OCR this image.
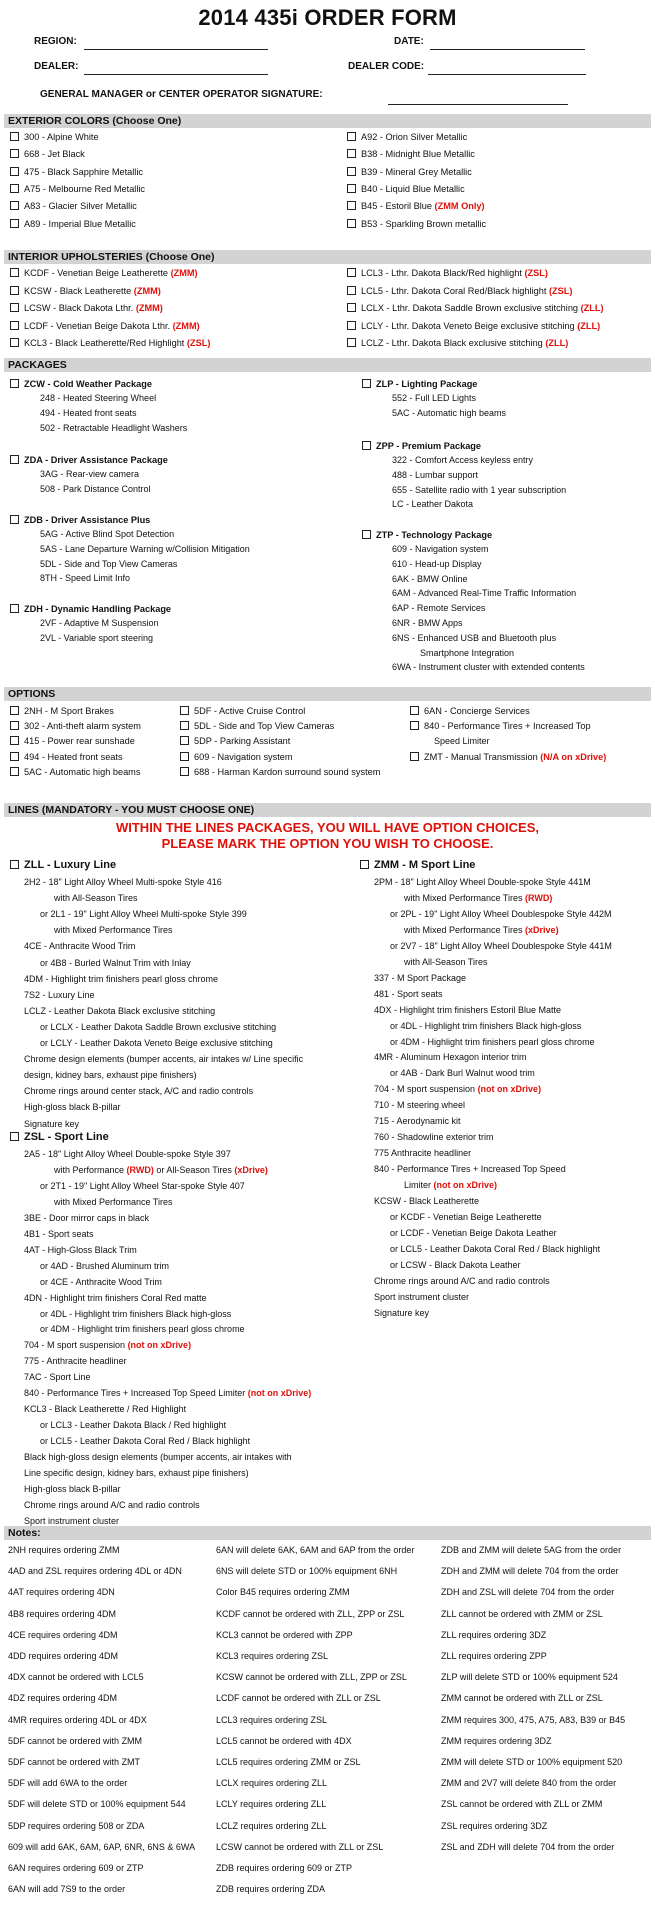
2014 435i ORDER FORM
REGION:	DATE:
DEALER:	DEALER CODE:
GENERAL MANAGER or CENTER OPERATOR SIGNATURE:
EXTERIOR COLORS (Choose One)
300 - Alpine White
668 - Jet Black
475 - Black Sapphire Metallic
A75 - Melbourne Red Metallic
A83 - Glacier Silver Metallic
A89 - Imperial Blue Metallic
A92 - Orion Silver Metallic
B38 - Midnight Blue Metallic
B39 - Mineral Grey Metallic
B40 - Liquid Blue Metallic
B45 - Estoril Blue (ZMM Only)
B53 - Sparkling Brown metallic
INTERIOR UPHOLSTERIES (Choose One)
KCDF - Venetian Beige Leatherette (ZMM)
KCSW - Black Leatherette (ZMM)
LCSW - Black Dakota Lthr. (ZMM)
LCDF - Venetian Beige Dakota Lthr. (ZMM)
KCL3 - Black Leatherette/Red Highlight (ZSL)
LCL3 - Lthr. Dakota Black/Red highlight (ZSL)
LCL5 - Lthr. Dakota Coral Red/Black highlight (ZSL)
LCLX - Lthr. Dakota Saddle Brown exclusive stitching (ZLL)
LCLY - Lthr. Dakota Veneto Beige exclusive stitching (ZLL)
LCLZ - Lthr. Dakota Black exclusive stitching (ZLL)
PACKAGES
ZCW - Cold Weather Package
248 - Heated Steering Wheel
494 - Heated front seats
502 - Retractable Headlight Washers
ZDA - Driver Assistance Package
3AG - Rear-view camera
508 - Park Distance Control
ZDB - Driver Assistance Plus
5AG - Active Blind Spot Detection
5AS - Lane Departure Warning w/Collision Mitigation
5DL - Side and Top View Cameras
8TH - Speed Limit Info
ZDH - Dynamic Handling Package
2VF - Adaptive M Suspension
2VL - Variable sport steering
ZLP - Lighting Package
552 - Full LED Lights
5AC - Automatic high beams
ZPP - Premium Package
322 - Comfort Access keyless entry
488 - Lumbar support
655 - Satellite radio with 1 year subscription
LC - Leather Dakota
ZTP - Technology Package
609 - Navigation system
610 - Head-up Display
6AK - BMW Online
6AM - Advanced Real-Time Traffic Information
6AP - Remote Services
6NR - BMW Apps
6NS - Enhanced USB and Bluetooth plus
Smartphone Integration
6WA - Instrument cluster with extended contents
OPTIONS
2NH - M Sport Brakes
302 - Anti-theft alarm system
415 - Power rear sunshade
494 - Heated front seats
5AC - Automatic high beams
5DF - Active Cruise Control
5DL - Side and Top View Cameras
5DP - Parking Assistant
609 - Navigation system
688 - Harman Kardon surround sound system
6AN - Concierge Services
840 - Performance Tires + Increased Top
Speed Limiter
ZMT - Manual Transmission (N/A on xDrive)
LINES (MANDATORY - YOU MUST CHOOSE ONE)
WITHIN THE LINES PACKAGES, YOU WILL HAVE OPTION CHOICES,
PLEASE MARK THE OPTION YOU WISH TO CHOOSE.
ZLL - Luxury Line
2H2 - 18" Light Alloy Wheel Multi-spoke Style 416
with All-Season Tires
or 2L1 - 19" Light Alloy Wheel Multi-spoke Style 399
with Mixed Performance Tires
4CE - Anthracite Wood Trim
or 4B8 - Burled Walnut Trim with Inlay
4DM - Highlight trim finishers pearl gloss chrome
7S2 - Luxury Line
LCLZ - Leather Dakota Black exclusive stitching
or LCLX - Leather Dakota Saddle Brown exclusive stitching
or LCLY - Leather Dakota Veneto Beige exclusive stitching
Chrome design elements (bumper accents, air intakes w/ Line specific
design, kidney bars, exhaust pipe finishers)
Chrome rings around center stack, A/C and radio controls
High-gloss black B-pillar
Signature key
ZSL - Sport Line
2A5 - 18" Light Alloy Wheel Double-spoke Style 397
with Performance (RWD) or All-Season Tires (xDrive)
or 2T1 - 19" Light Alloy Wheel Star-spoke Style 407
with Mixed Performance Tires
3BE - Door mirror caps in black
4B1 - Sport seats
4AT - High-Gloss Black Trim
or 4AD - Brushed Aluminum trim
or 4CE - Anthracite Wood Trim
4DN - Highlight trim finishers Coral Red matte
or 4DL - Highlight trim finishers Black high-gloss
or 4DM - Highlight trim finishers pearl gloss chrome
704 - M sport suspension (not on xDrive)
775 - Anthracite headliner
7AC - Sport Line
840 - Performance Tires + Increased Top Speed Limiter (not on xDrive)
KCL3 - Black Leatherette / Red Highlight
or LCL3 - Leather Dakota Black / Red highlight
or LCL5 - Leather Dakota Coral Red / Black highlight
Black high-gloss design elements (bumper accents, air intakes with
Line specific design, kidney bars, exhaust pipe finishers)
High-gloss black B-pillar
Chrome rings around A/C and radio controls
Sport instrument cluster
ZMM - M Sport Line
2PM - 18" Light Alloy Wheel Double-spoke Style 441M
with Mixed Performance Tires (RWD)
or 2PL - 19" Light Alloy Wheel Doublespoke Style 442M
with Mixed Performance Tires (xDrive)
or 2V7 - 18" Light Alloy Wheel Doublespoke Style 441M
with All-Season Tires
337 - M Sport Package
481 - Sport seats
4DX - Highlight trim finishers Estoril Blue Matte
or 4DL - Highlight trim finishers Black high-gloss
or 4DM - Highlight trim finishers pearl gloss chrome
4MR - Aluminum Hexagon interior trim
or 4AB - Dark Burl Walnut wood trim
704 - M sport suspension (not on xDrive)
710 - M steering wheel
715 - Aerodynamic kit
760 - Shadowline exterior trim
775 Anthracite headliner
840 - Performance Tires + Increased Top Speed
Limiter (not on xDrive)
KCSW - Black Leatherette
or KCDF - Venetian Beige Leatherette
or LCDF - Venetian Beige Dakota Leather
or LCL5 - Leather Dakota Coral Red / Black highlight
or LCSW - Black Dakota Leather
Chrome rings around A/C and radio controls
Sport instrument cluster
Signature key
Notes:
2NH requires ordering ZMM
4AD and ZSL requires ordering 4DL or 4DN
4AT requires ordering 4DN
4B8 requires ordering 4DM
4CE requires ordering 4DM
4DD requires ordering 4DM
4DX cannot be ordered with LCL5
4DZ requires ordering 4DM
4MR requires ordering 4DL or 4DX
5DF cannot be ordered with ZMM
5DF cannot be ordered with ZMT
5DF will add 6WA to the order
5DF will delete STD or 100% equipment 544
5DP requires ordering 508 or ZDA
609 will add 6AK, 6AM, 6AP, 6NR, 6NS & 6WA
6AN requires ordering 609 or ZTP
6AN will add 7S9 to the order
6AN will delete 6AK, 6AM and 6AP from the order
6NS will delete STD or 100% equipment 6NH
Color B45 requires ordering ZMM
KCDF cannot be ordered with ZLL, ZPP or ZSL
KCL3 cannot be ordered with ZPP
KCL3 requires ordering ZSL
KCSW cannot be ordered with ZLL, ZPP or ZSL
LCDF cannot be ordered with ZLL or ZSL
LCL3 requires ordering ZSL
LCL5 cannot be ordered with 4DX
LCL5 requires ordering ZMM or ZSL
LCLX requires ordering ZLL
LCLY requires ordering ZLL
LCLZ requires ordering ZLL
LCSW cannot be ordered with ZLL or ZSL
ZDB requires ordering 609 or ZTP
ZDB requires ordering ZDA
ZDB and ZMM will delete 5AG from the order
ZDH and ZMM will delete 704 from the order
ZDH and ZSL will delete 704 from the order
ZLL cannot be ordered with ZMM or ZSL
ZLL requires ordering 3DZ
ZLL requires ordering ZPP
ZLP will delete STD or 100% equipment 524
ZMM cannot be ordered with ZLL or ZSL
ZMM requires 300, 475, A75, A83, B39 or B45
ZMM requires ordering 3DZ
ZMM will delete STD or 100% equipment 520
ZMM and 2V7 will delete 840 from the order
ZSL cannot be ordered with ZLL or ZMM
ZSL requires ordering 3DZ
ZSL and ZDH will delete 704 from the order
